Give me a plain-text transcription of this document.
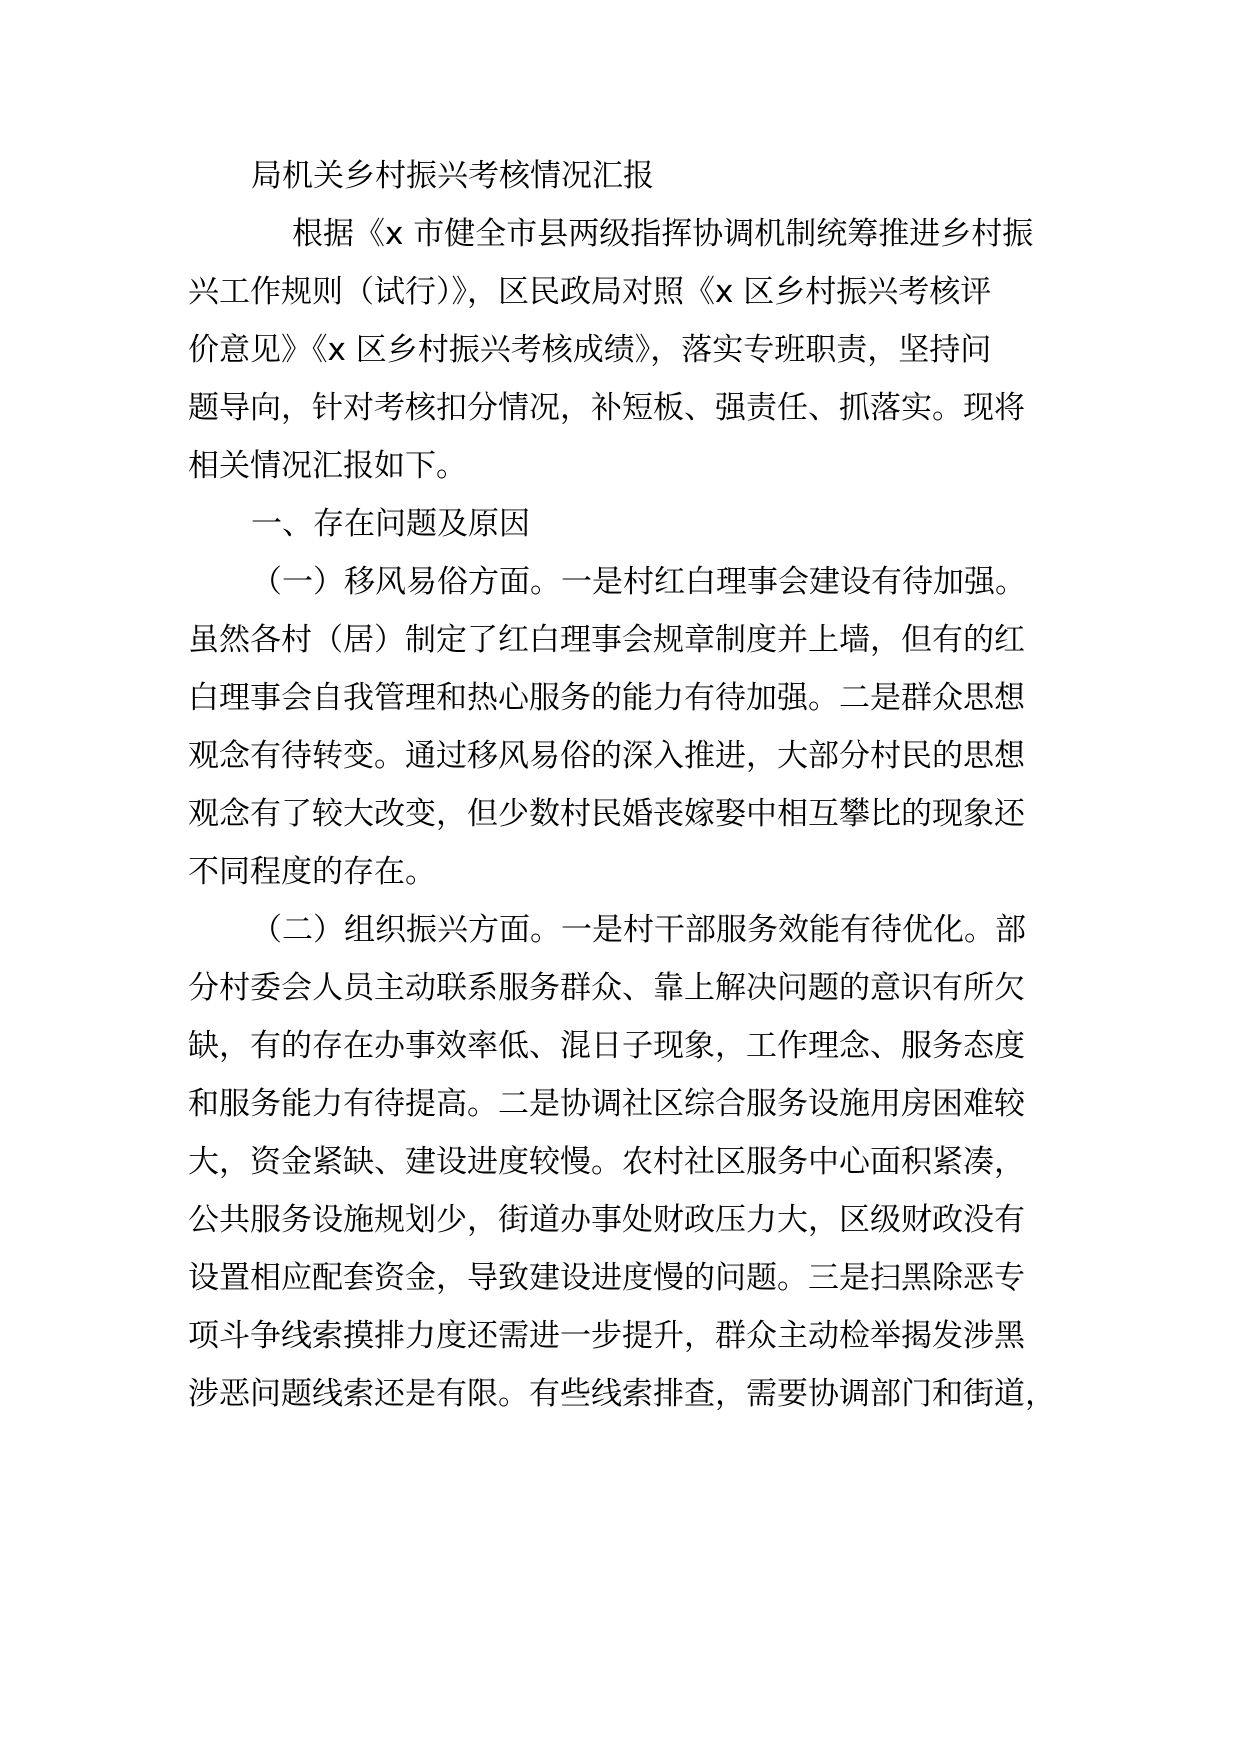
局机关乡村振兴考核情况汇报
根据《x 市健全市县两级指挥协调机制统筹推进乡村振
兴工作规则（试行）》，区民政局对照《x 区乡村振兴考核评
价意见》《x 区乡村振兴考核成绩》，落实专班职责，坚持问
题导向，针对考核扣分情况，补短板、强责任、抓落实。现将
相关情况汇报如下。
一、存在问题及原因
（一）移风易俗方面。一是村红白理事会建设有待加强。
虽然各村（居）制定了红白理事会规章制度并上墙，但有的红
白理事会自我管理和热心服务的能力有待加强。二是群众思想
观念有待转变。通过移风易俗的深入推进，大部分村民的思想
观念有了较大改变，但少数村民婚丧嫁娶中相互攀比的现象还
不同程度的存在。
（二）组织振兴方面。一是村干部服务效能有待优化。部
分村委会人员主动联系服务群众、靠上解决问题的意识有所欠
缺，有的存在办事效率低、混日子现象，工作理念、服务态度
和服务能力有待提高。二是协调社区综合服务设施用房困难较
大，资金紧缺、建设进度较慢。农村社区服务中心面积紧凑，
公共服务设施规划少，街道办事处财政压力大，区级财政没有
设置相应配套资金，导致建设进度慢的问题。三是扫黑除恶专
项斗争线索摸排力度还需进一步提升，群众主动检举揭发涉黑
涉恶问题线索还是有限。有些线索排查，需要协调部门和街道，
